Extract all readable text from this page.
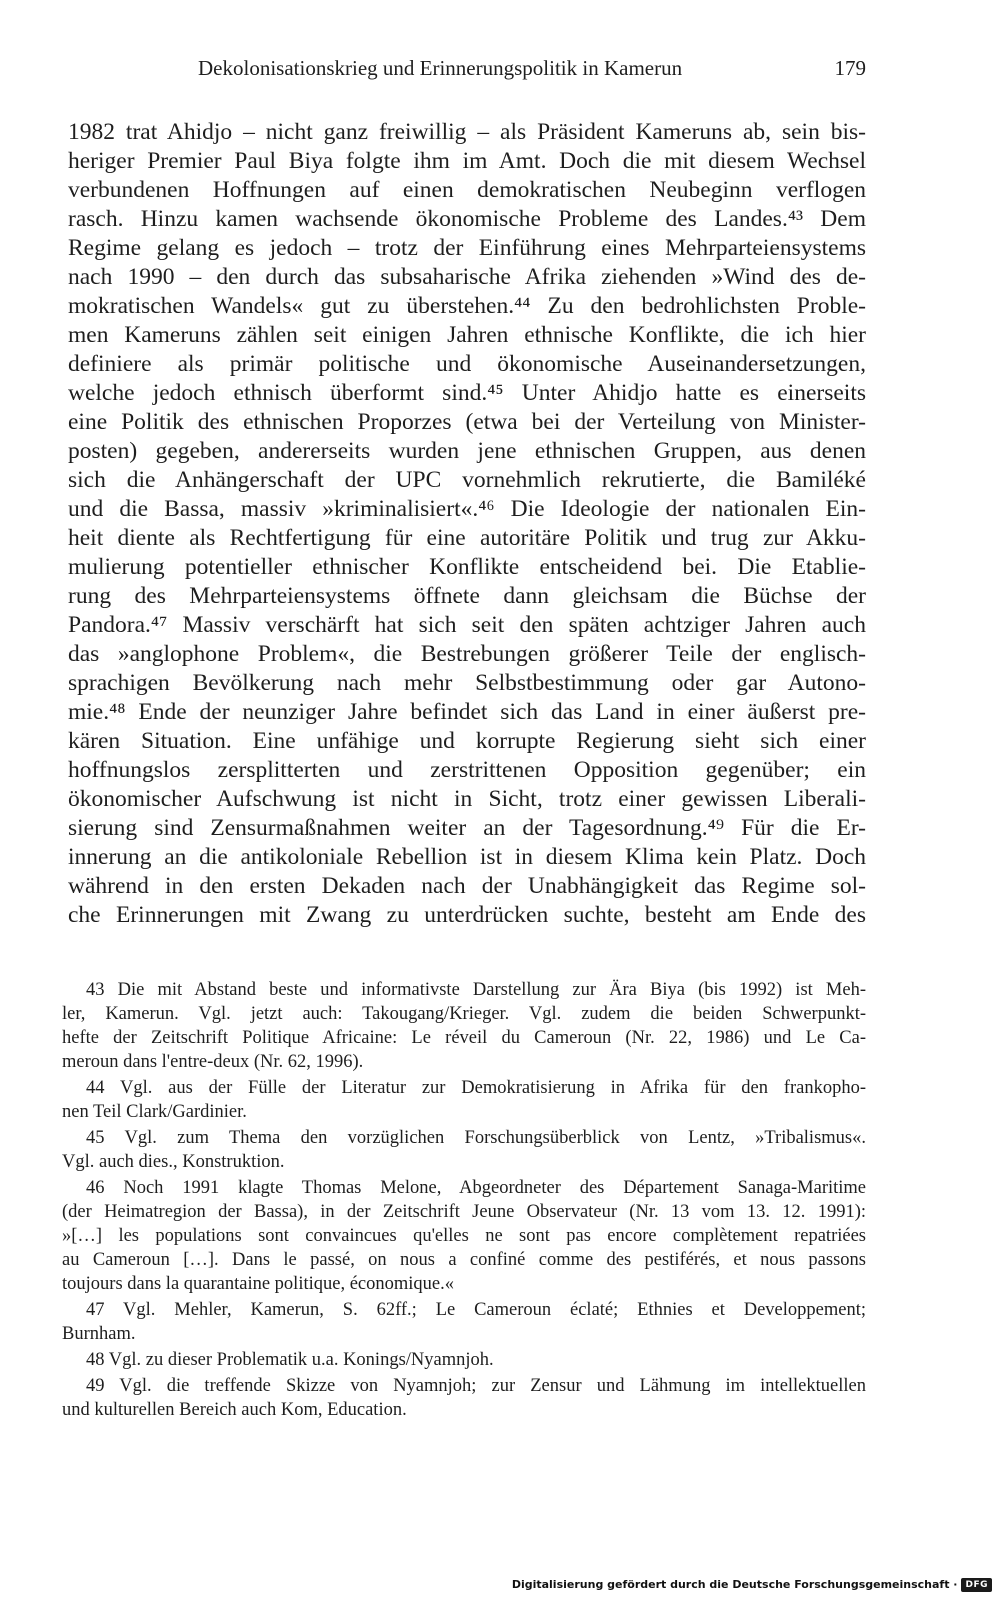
Dekolonisationskrieg und Erinnerungspolitik in Kamerun	179
1982 trat Ahidjo – nicht ganz freiwillig – als Präsident Kameruns ab, sein bis-
heriger Premier Paul Biya folgte ihm im Amt. Doch die mit diesem Wechsel
verbundenen Hoffnungen auf einen demokratischen Neubeginn verflogen
rasch. Hinzu kamen wachsende ökonomische Probleme des Landes.⁴³ Dem
Regime gelang es jedoch – trotz der Einführung eines Mehrparteiensystems
nach 1990 – den durch das subsaharische Afrika ziehenden »Wind des de-
mokratischen Wandels« gut zu überstehen.⁴⁴ Zu den bedrohlichsten Proble-
men Kameruns zählen seit einigen Jahren ethnische Konflikte, die ich hier
definiere als primär politische und ökonomische Auseinandersetzungen,
welche jedoch ethnisch überformt sind.⁴⁵ Unter Ahidjo hatte es einerseits
eine Politik des ethnischen Proporzes (etwa bei der Verteilung von Minister-
posten) gegeben, andererseits wurden jene ethnischen Gruppen, aus denen
sich die Anhängerschaft der UPC vornehmlich rekrutierte, die Bamiléké
und die Bassa, massiv »kriminalisiert«.⁴⁶ Die Ideologie der nationalen Ein-
heit diente als Rechtfertigung für eine autoritäre Politik und trug zur Akku-
mulierung potentieller ethnischer Konflikte entscheidend bei. Die Etablie-
rung des Mehrparteiensystems öffnete dann gleichsam die Büchse der
Pandora.⁴⁷ Massiv verschärft hat sich seit den späten achtziger Jahren auch
das »anglophone Problem«, die Bestrebungen größerer Teile der englisch-
sprachigen Bevölkerung nach mehr Selbstbestimmung oder gar Autono-
mie.⁴⁸ Ende der neunziger Jahre befindet sich das Land in einer äußerst pre-
kären Situation. Eine unfähige und korrupte Regierung sieht sich einer
hoffnungslos zersplitterten und zerstrittenen Opposition gegenüber; ein
ökonomischer Aufschwung ist nicht in Sicht, trotz einer gewissen Liberali-
sierung sind Zensurmaßnahmen weiter an der Tagesordnung.⁴⁹ Für die Er-
innerung an die antikoloniale Rebellion ist in diesem Klima kein Platz. Doch
während in den ersten Dekaden nach der Unabhängigkeit das Regime sol-
che Erinnerungen mit Zwang zu unterdrücken suchte, besteht am Ende des
43 Die mit Abstand beste und informativste Darstellung zur Ära Biya (bis 1992) ist Meh-
ler, Kamerun. Vgl. jetzt auch: Takougang/Krieger. Vgl. zudem die beiden Schwerpunkt-
hefte der Zeitschrift Politique Africaine: Le réveil du Cameroun (Nr. 22, 1986) und Le Ca-
meroun dans l'entre-deux (Nr. 62, 1996).
44 Vgl. aus der Fülle der Literatur zur Demokratisierung in Afrika für den frankopho-
nen Teil Clark/Gardinier.
45 Vgl. zum Thema den vorzüglichen Forschungsüberblick von Lentz, »Tribalismus«.
Vgl. auch dies., Konstruktion.
46 Noch 1991 klagte Thomas Melone, Abgeordneter des Département Sanaga-Maritime
(der Heimatregion der Bassa), in der Zeitschrift Jeune Observateur (Nr. 13 vom 13. 12. 1991):
»[…] les populations sont convaincues qu'elles ne sont pas encore complètement repatriées
au Cameroun […]. Dans le passé, on nous a confiné comme des pestiférés, et nous passons
toujours dans la quarantaine politique, économique.«
47 Vgl. Mehler, Kamerun, S. 62ff.; Le Cameroun éclaté; Ethnies et Developpement;
Burnham.
48 Vgl. zu dieser Problematik u.a. Konings/Nyamnjoh.
49 Vgl. die treffende Skizze von Nyamnjoh; zur Zensur und Lähmung im intellektuellen
und kulturellen Bereich auch Kom, Education.
Digitalisierung gefördert durch die Deutsche Forschungsgemeinschaft · DFG
